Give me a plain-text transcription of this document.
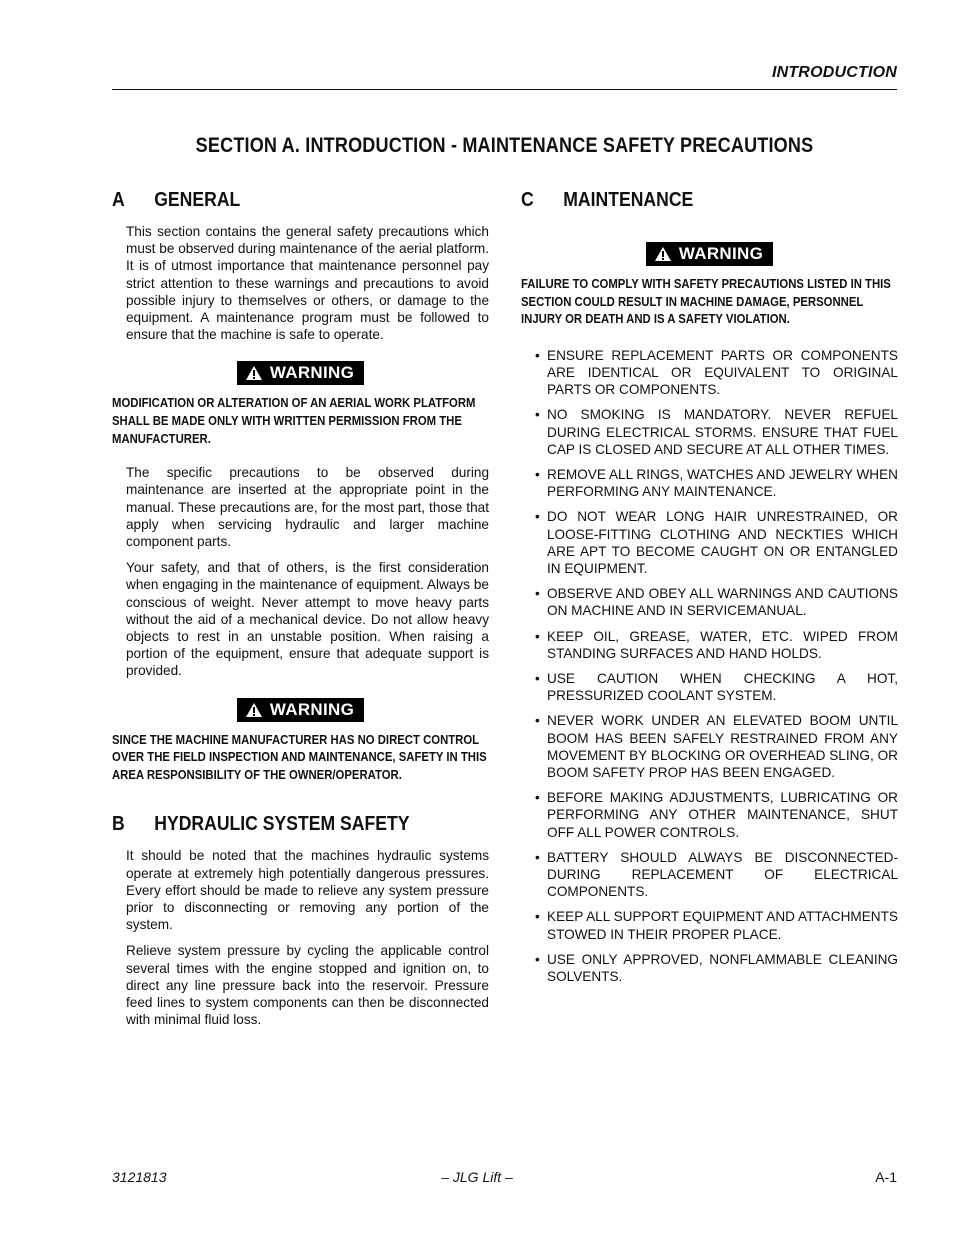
INTRODUCTION
SECTION A. INTRODUCTION - MAINTENANCE SAFETY PRECAUTIONS
A	GENERAL

This section contains the general safety precautions which must be observed during maintenance of the aerial platform. It is of utmost importance that maintenance personnel pay strict attention to these warnings and precautions to avoid possible injury to themselves or others, or damage to the equipment. A maintenance program must be followed to ensure that the machine is safe to operate.

WARNING
MODIFICATION OR ALTERATION OF AN AERIAL WORK PLATFORM SHALL BE MADE ONLY WITH WRITTEN PERMISSION FROM THE MANUFACTURER.

The specific precautions to be observed during maintenance are inserted at the appropriate point in the manual. These precautions are, for the most part, those that apply when servicing hydraulic and larger machine component parts.

Your safety, and that of others, is the first consideration when engaging in the maintenance of equipment. Always be conscious of weight. Never attempt to move heavy parts without the aid of a mechanical device. Do not allow heavy objects to rest in an unstable position. When raising a portion of the equipment, ensure that adequate support is provided.

WARNING
SINCE THE MACHINE MANUFACTURER HAS NO DIRECT CONTROL OVER THE FIELD INSPECTION AND MAINTENANCE, SAFETY IN THIS AREA RESPONSIBILITY OF THE OWNER/OPERATOR.
B	HYDRAULIC SYSTEM SAFETY

It should be noted that the machines hydraulic systems operate at extremely high potentially dangerous pressures. Every effort should be made to relieve any system pressure prior to disconnecting or removing any portion of the system.

Relieve system pressure by cycling the applicable control several times with the engine stopped and ignition on, to direct any line pressure back into the reservoir. Pressure feed lines to system components can then be disconnected with minimal fluid loss.

C	MAINTENANCE
WARNING
FAILURE TO COMPLY WITH SAFETY PRECAUTIONS LISTED IN THIS SECTION COULD RESULT IN MACHINE DAMAGE, PERSONNEL INJURY OR DEATH AND IS A SAFETY VIOLATION.
• ENSURE REPLACEMENT PARTS OR COMPONENTS ARE IDENTICAL OR EQUIVALENT TO ORIGINAL PARTS OR COMPONENTS.
• NO SMOKING IS MANDATORY. NEVER REFUEL DURING ELECTRICAL STORMS. ENSURE THAT FUEL CAP IS CLOSED AND SECURE AT ALL OTHER TIMES.
• REMOVE ALL RINGS, WATCHES AND JEWELRY WHEN PERFORMING ANY MAINTENANCE.
• DO NOT WEAR LONG HAIR UNRESTRAINED, OR LOOSE-FITTING CLOTHING AND NECKTIES WHICH ARE APT TO BECOME CAUGHT ON OR ENTANGLED IN EQUIPMENT.
• OBSERVE AND OBEY ALL WARNINGS AND CAUTIONS ON MACHINE AND IN SERVICEMANUAL.
• KEEP OIL, GREASE, WATER, ETC. WIPED FROM STANDING SURFACES AND HAND HOLDS.
• USE CAUTION WHEN CHECKING A HOT, PRESSURIZED COOLANT SYSTEM.
• NEVER WORK UNDER AN ELEVATED BOOM UNTIL BOOM HAS BEEN SAFELY RESTRAINED FROM ANY MOVEMENT BY BLOCKING OR OVERHEAD SLING, OR BOOM SAFETY PROP HAS BEEN ENGAGED.
• BEFORE MAKING ADJUSTMENTS, LUBRICATING OR PERFORMING ANY OTHER MAINTENANCE, SHUT OFF ALL POWER CONTROLS.
• BATTERY SHOULD ALWAYS BE DISCONNECTED-DURING REPLACEMENT OF ELECTRICAL COMPONENTS.
• KEEP ALL SUPPORT EQUIPMENT AND ATTACHMENTS STOWED IN THEIR PROPER PLACE.
• USE ONLY APPROVED, NONFLAMMABLE CLEANING SOLVENTS.
3121813	– JLG Lift –	A-1
